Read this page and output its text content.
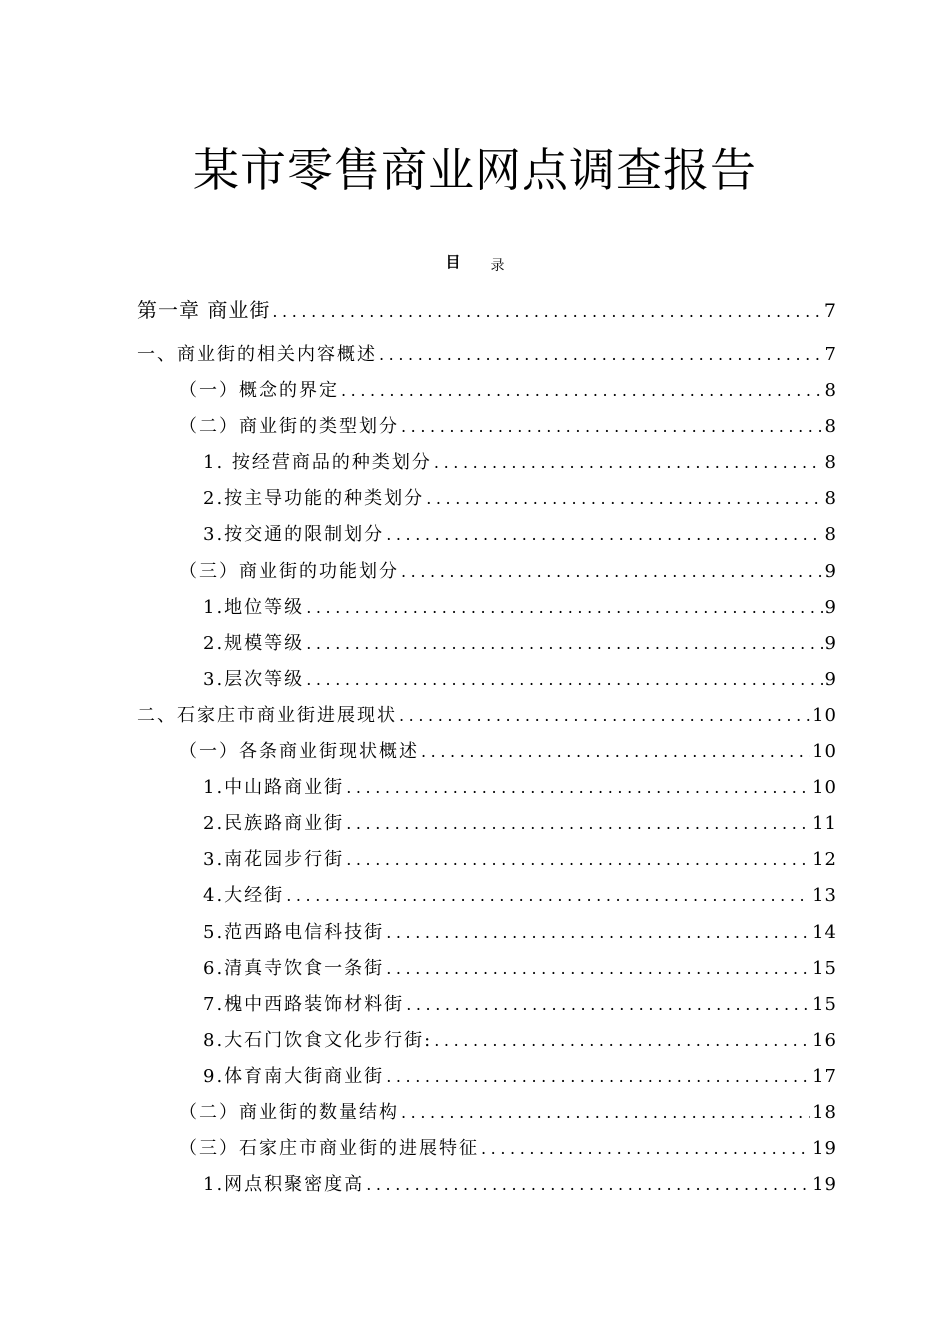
某市零售商业网点调查报告
目 录
第一章 商业街 .....	7
一、商业街的相关内容概述 .....	7
（一）概念的界定 .....	8
（二）商业街的类型划分 .....	8
1. 按经营商品的种类划分 .....	8
2.按主导功能的种类划分 .....	8
3.按交通的限制划分 .....	8
（三）商业街的功能划分 .....	9
1.地位等级 .....	9
2.规模等级 .....	9
3.层次等级 .....	9
二、石家庄市商业街进展现状 .....	10
（一）各条商业街现状概述 .....	10
1.中山路商业街 .....	10
2.民族路商业街 .....	11
3.南花园步行街 .....	12
4.大经街 .....	13
5.范西路电信科技街 .....	14
6.清真寺饮食一条街 .....	15
7.槐中西路装饰材料街 .....	15
8.大石门饮食文化步行街: .....	16
9.体育南大街商业街 .....	17
（二）商业街的数量结构 .....	18
（三）石家庄市商业街的进展特征 .....	19
1.网点积聚密度高 .....	19
